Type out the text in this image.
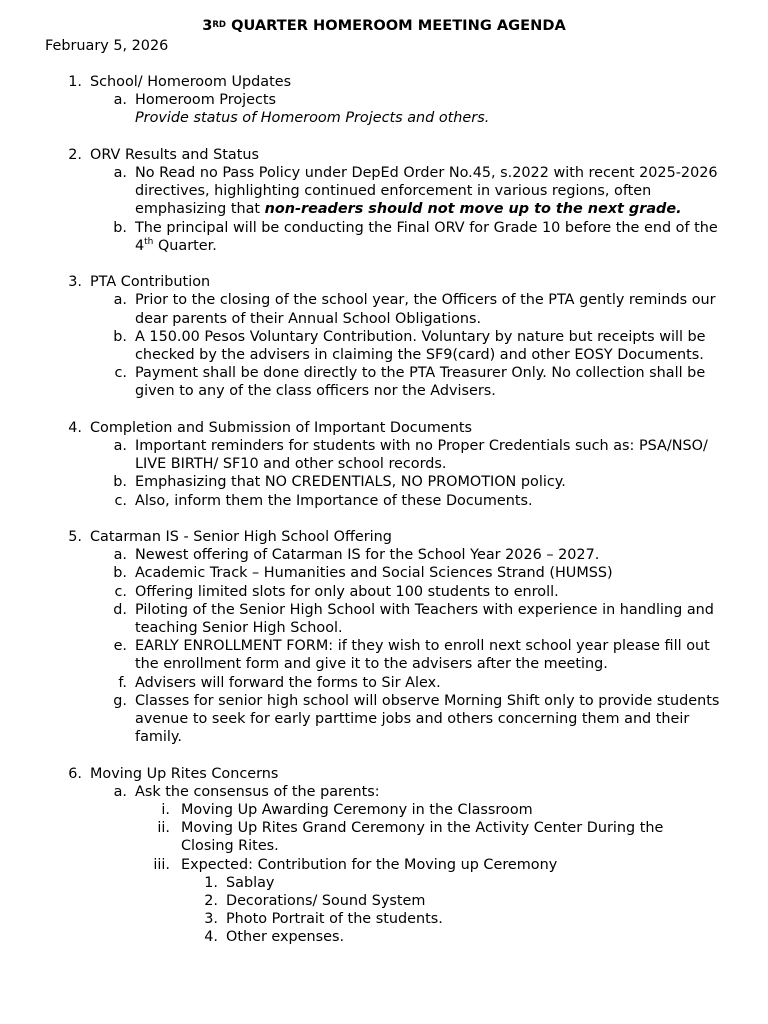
3RD QUARTER HOMEROOM MEETING AGENDA
February 5, 2026
1. School/ Homeroom Updates
a. Homeroom Projects
Provide status of Homeroom Projects and others.
2. ORV Results and Status
a. No Read no Pass Policy under DepEd Order No.45, s.2022 with recent 2025-2026 directives, highlighting continued enforcement in various regions, often emphasizing that non-readers should not move up to the next grade.
b. The principal will be conducting the Final ORV for Grade 10 before the end of the 4th Quarter.
3. PTA Contribution
a. Prior to the closing of the school year, the Officers of the PTA gently reminds our dear parents of their Annual School Obligations.
b. A 150.00 Pesos Voluntary Contribution. Voluntary by nature but receipts will be checked by the advisers in claiming the SF9(card) and other EOSY Documents.
c. Payment shall be done directly to the PTA Treasurer Only. No collection shall be given to any of the class officers nor the Advisers.
4. Completion and Submission of Important Documents
a. Important reminders for students with no Proper Credentials such as: PSA/NSO/ LIVE BIRTH/ SF10 and other school records.
b. Emphasizing that NO CREDENTIALS, NO PROMOTION policy.
c. Also, inform them the Importance of these Documents.
5. Catarman IS - Senior High School Offering
a. Newest offering of Catarman IS for the School Year 2026 – 2027.
b. Academic Track – Humanities and Social Sciences Strand (HUMSS)
c. Offering limited slots for only about 100 students to enroll.
d. Piloting of the Senior High School with Teachers with experience in handling and teaching Senior High School.
e. EARLY ENROLLMENT FORM: if they wish to enroll next school year please fill out the enrollment form and give it to the advisers after the meeting.
f. Advisers will forward the forms to Sir Alex.
g. Classes for senior high school will observe Morning Shift only to provide students avenue to seek for early parttime jobs and others concerning them and their family.
6. Moving Up Rites Concerns
a. Ask the consensus of the parents:
i. Moving Up Awarding Ceremony in the Classroom
ii. Moving Up Rites Grand Ceremony in the Activity Center During the Closing Rites.
iii. Expected: Contribution for the Moving up Ceremony
1. Sablay
2. Decorations/ Sound System
3. Photo Portrait of the students.
4. Other expenses.
